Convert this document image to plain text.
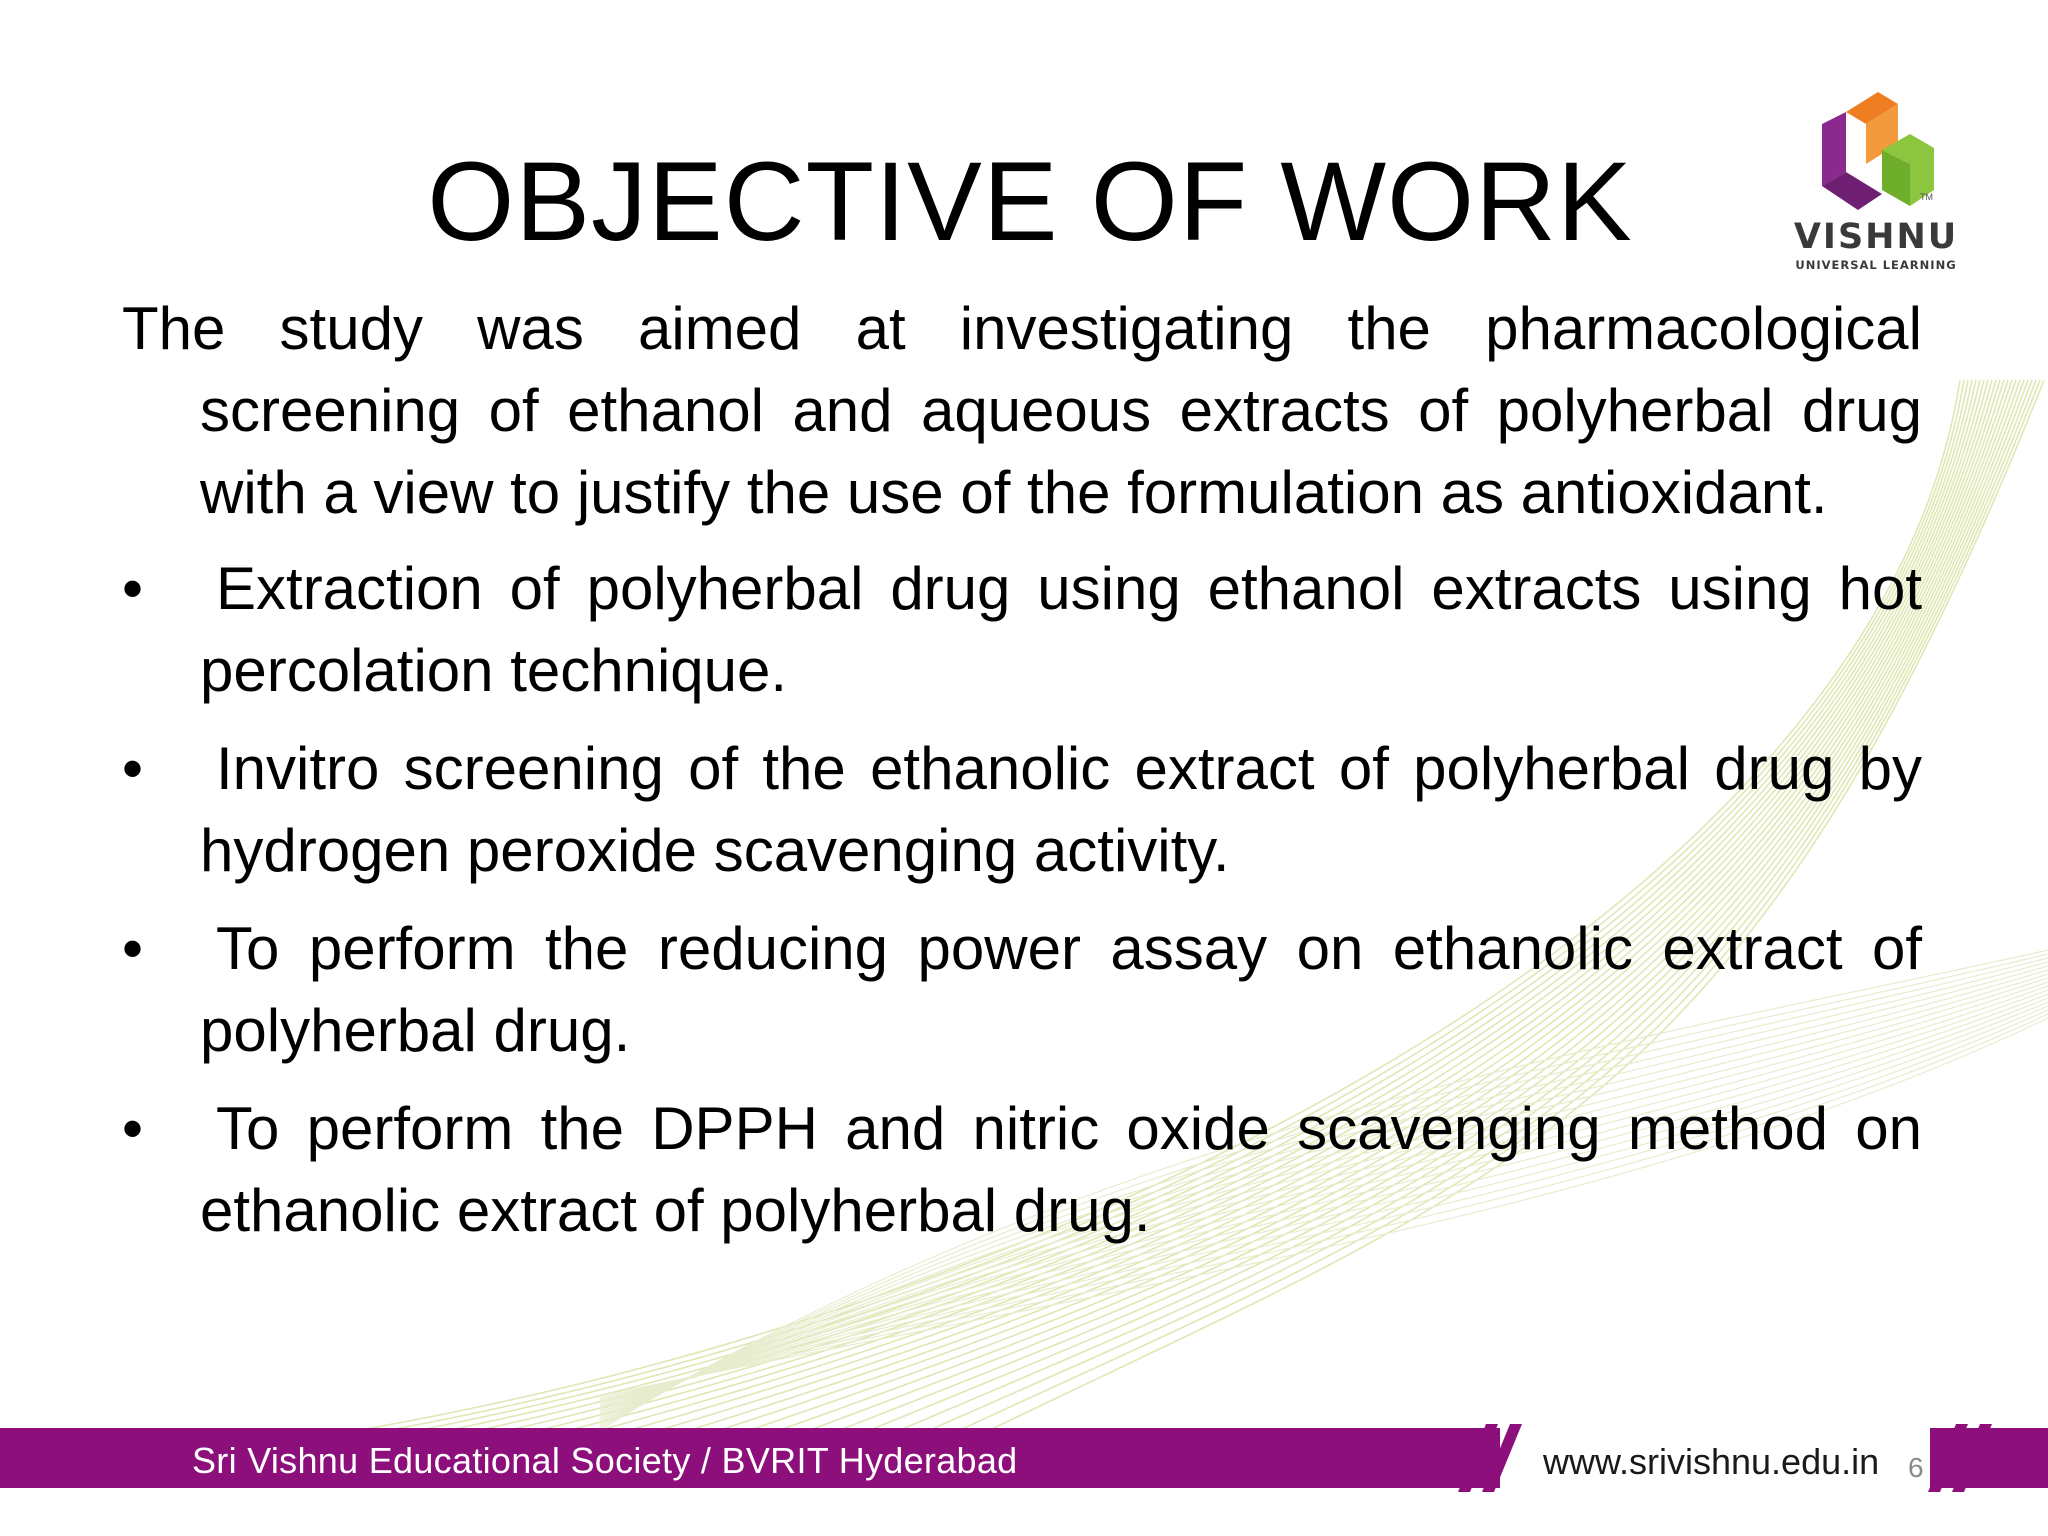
OBJECTIVE OF WORK	TM
VISHNU
UNIVERSAL LEARNING

The study was aimed at investigating the pharmacological screening of ethanol and aqueous extracts of polyherbal drug with a view to justify the use of the formulation as antioxidant.

•	Extraction of polyherbal drug using ethanol extracts using hot percolation technique.
•	Invitro screening of the ethanolic extract of polyherbal drug by hydrogen peroxide scavenging activity.
•	To perform the reducing power assay on ethanolic extract of polyherbal drug.
•	To perform the DPPH and nitric oxide scavenging method on ethanolic extract of polyherbal drug.
Sri Vishnu Educational Society / BVRIT Hyderabad	www.srivishnu.edu.in 6
